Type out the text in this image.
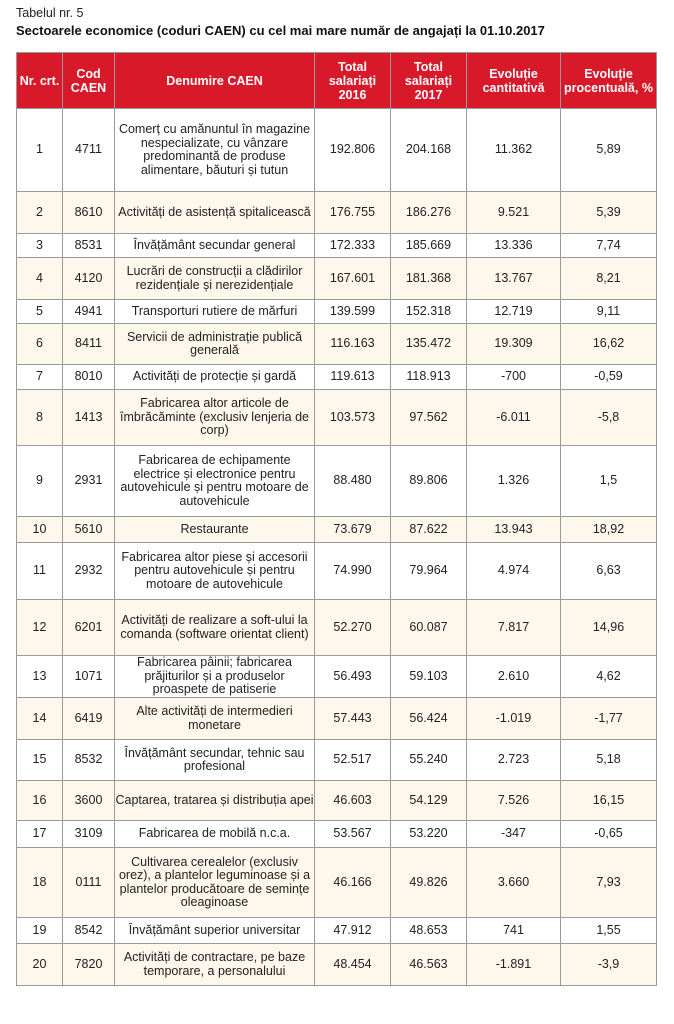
Tabelul nr. 5
Sectoarele economice (coduri CAEN) cu cel mai mare număr de angajați la 01.10.2017
Nr. crt.	Cod CAEN	Denumire CAEN	Total salariați 2016	Total salariați 2017	Evoluție cantitativă	Evoluție procentuală, %
1	4711	Comerț cu amănuntul în magazine nespecializate, cu vânzare predominantă de produse alimentare, băuturi și tutun	192.806	204.168	11.362	5,89
2	8610	Activități de asistență spitalicească	176.755	186.276	9.521	5,39
3	8531	Învățământ secundar general	172.333	185.669	13.336	7,74
4	4120	Lucrări de construcții a clădirilor rezidențiale și nerezidențiale	167.601	181.368	13.767	8,21
5	4941	Transporturi rutiere de mărfuri	139.599	152.318	12.719	9,11
6	8411	Servicii de administrație publică generală	116.163	135.472	19.309	16,62
7	8010	Activități de protecție și gardă	119.613	118.913	-700	-0,59
8	1413	Fabricarea altor articole de îmbrăcăminte (exclusiv lenjeria de corp)	103.573	97.562	-6.011	-5,8
9	2931	Fabricarea de echipamente electrice și electronice pentru autovehicule și pentru motoare de autovehicule	88.480	89.806	1.326	1,5
10	5610	Restaurante	73.679	87.622	13.943	18,92
11	2932	Fabricarea altor piese și accesorii pentru autovehicule și pentru motoare de autovehicule	74.990	79.964	4.974	6,63
12	6201	Activități de realizare a soft-ului la comanda (software orientat client)	52.270	60.087	7.817	14,96
13	1071	Fabricarea pâinii; fabricarea prăjiturilor și a produselor proaspete de patiserie	56.493	59.103	2.610	4,62
14	6419	Alte activități de intermedieri monetare	57.443	56.424	-1.019	-1,77
15	8532	Învățământ secundar, tehnic sau profesional	52.517	55.240	2.723	5,18
16	3600	Captarea, tratarea și distribuția apei	46.603	54.129	7.526	16,15
17	3109	Fabricarea de mobilă n.c.a.	53.567	53.220	-347	-0,65
18	0111	Cultivarea cerealelor (exclusiv orez), a plantelor leguminoase și a plantelor producătoare de semințe oleaginoase	46.166	49.826	3.660	7,93
19	8542	Învățământ superior universitar	47.912	48.653	741	1,55
20	7820	Activități de contractare, pe baze temporare, a personalului	48.454	46.563	-1.891	-3,9
